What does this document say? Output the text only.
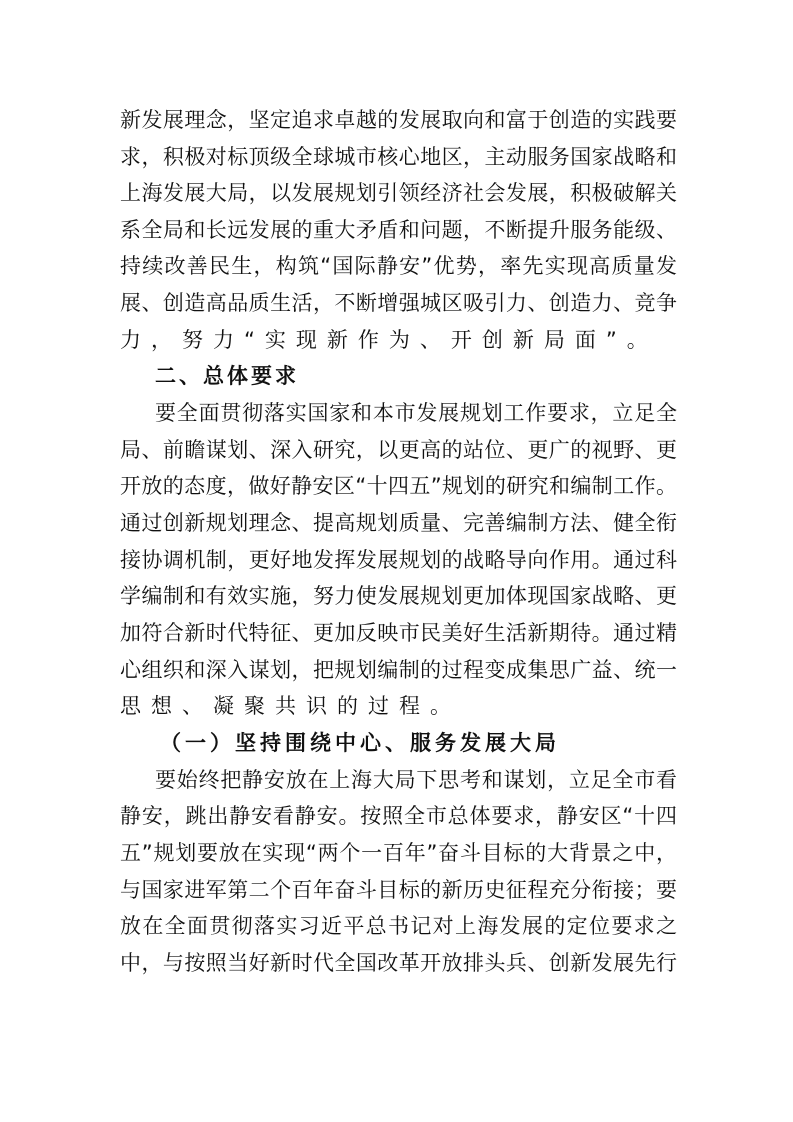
新发展理念，坚定追求卓越的发展取向和富于创造的实践要
求，积极对标顶级全球城市核心地区，主动服务国家战略和
上海发展大局，以发展规划引领经济社会发展，积极破解关
系全局和长远发展的重大矛盾和问题，不断提升服务能级、
持续改善民生，构筑“国际静安”优势，率先实现高质量发
展、创造高品质生活，不断增强城区吸引力、创造力、竞争
力，努力“实现新作为、开创新局面”。
二、总体要求
要全面贯彻落实国家和本市发展规划工作要求，立足全
局、前瞻谋划、深入研究，以更高的站位、更广的视野、更
开放的态度，做好静安区“十四五”规划的研究和编制工作。
通过创新规划理念、提高规划质量、完善编制方法、健全衔
接协调机制，更好地发挥发展规划的战略导向作用。通过科
学编制和有效实施，努力使发展规划更加体现国家战略、更
加符合新时代特征、更加反映市民美好生活新期待。通过精
心组织和深入谋划，把规划编制的过程变成集思广益、统一
思想、凝聚共识的过程。
（一）坚持围绕中心、服务发展大局
要始终把静安放在上海大局下思考和谋划，立足全市看
静安，跳出静安看静安。按照全市总体要求，静安区“十四
五”规划要放在实现“两个一百年”奋斗目标的大背景之中，
与国家进军第二个百年奋斗目标的新历史征程充分衔接；要
放在全面贯彻落实习近平总书记对上海发展的定位要求之
中，与按照当好新时代全国改革开放排头兵、创新发展先行
